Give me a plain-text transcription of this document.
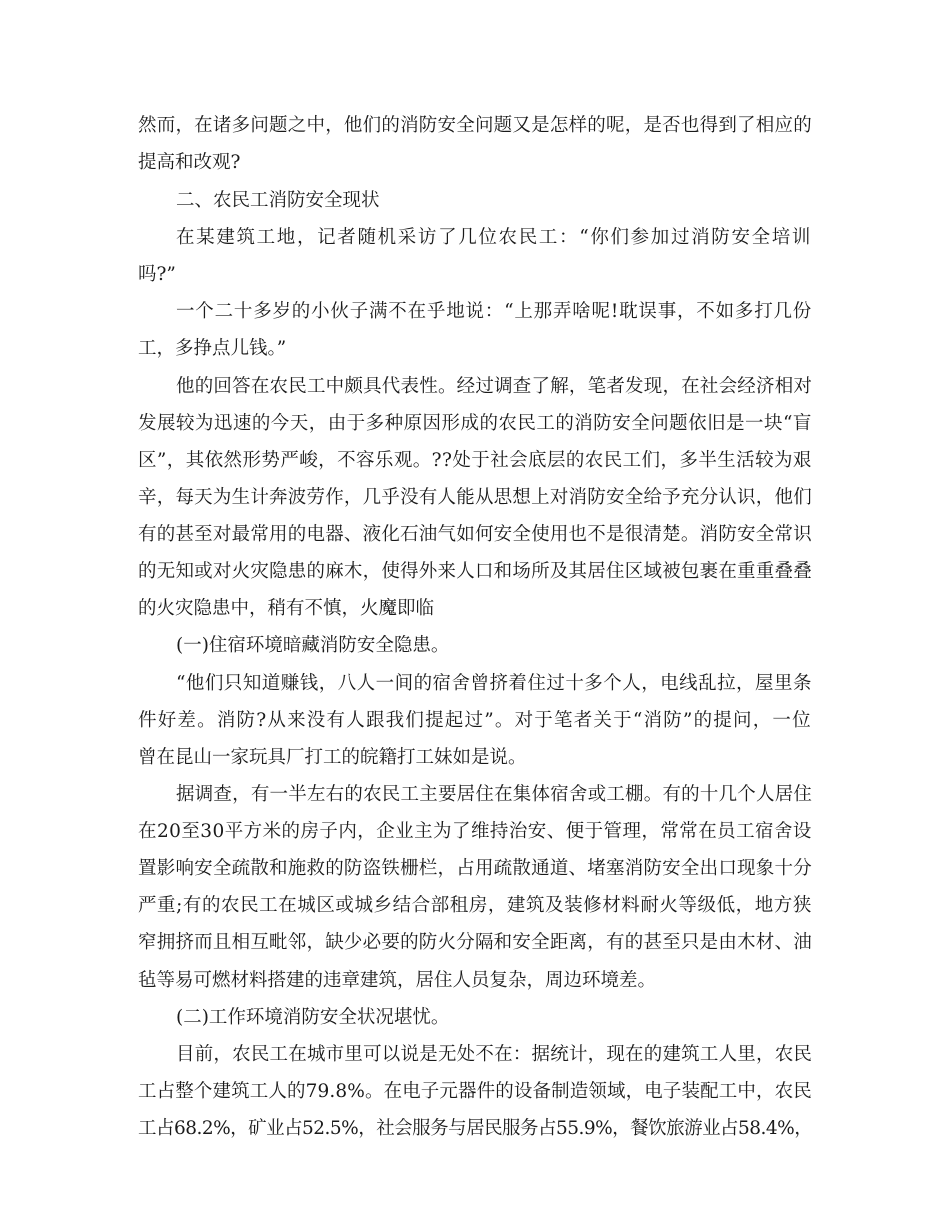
然而，在诸多问题之中，他们的消防安全问题又是怎样的呢，是否也得到了相应的
提高和改观?
二、农民工消防安全现状
在某建筑工地，记者随机采访了几位农民工：“你们参加过消防安全培训
吗?”
一个二十多岁的小伙子满不在乎地说：“上那弄啥呢!耽误事，不如多打几份
工，多挣点儿钱。”
他的回答在农民工中颇具代表性。经过调查了解，笔者发现，在社会经济相对
发展较为迅速的今天，由于多种原因形成的农民工的消防安全问题依旧是一块“盲
区”，其依然形势严峻，不容乐观。??处于社会底层的农民工们，多半生活较为艰
辛，每天为生计奔波劳作，几乎没有人能从思想上对消防安全给予充分认识，他们
有的甚至对最常用的电器、液化石油气如何安全使用也不是很清楚。消防安全常识
的无知或对火灾隐患的麻木，使得外来人口和场所及其居住区域被包裹在重重叠叠
的火灾隐患中，稍有不慎，火魔即临
(一)住宿环境暗藏消防安全隐患。
“他们只知道赚钱，八人一间的宿舍曾挤着住过十多个人，电线乱拉，屋里条
件好差。消防?从来没有人跟我们提起过”。对于笔者关于“消防”的提问，一位
曾在昆山一家玩具厂打工的皖籍打工妹如是说。
据调查，有一半左右的农民工主要居住在集体宿舍或工棚。有的十几个人居住
在20至30平方米的房子内，企业主为了维持治安、便于管理，常常在员工宿舍设
置影响安全疏散和施救的防盗铁栅栏，占用疏散通道、堵塞消防安全出口现象十分
严重;有的农民工在城区或城乡结合部租房，建筑及装修材料耐火等级低，地方狭
窄拥挤而且相互毗邻，缺少必要的防火分隔和安全距离，有的甚至只是由木材、油
毡等易可燃材料搭建的违章建筑，居住人员复杂，周边环境差。
(二)工作环境消防安全状况堪忧。
目前，农民工在城市里可以说是无处不在：据统计，现在的建筑工人里，农民
工占整个建筑工人的79.8%。在电子元器件的设备制造领域，电子装配工中，农民
工占68.2%，矿业占52.5%，社会服务与居民服务占55.9%，餐饮旅游业占58.4%，
